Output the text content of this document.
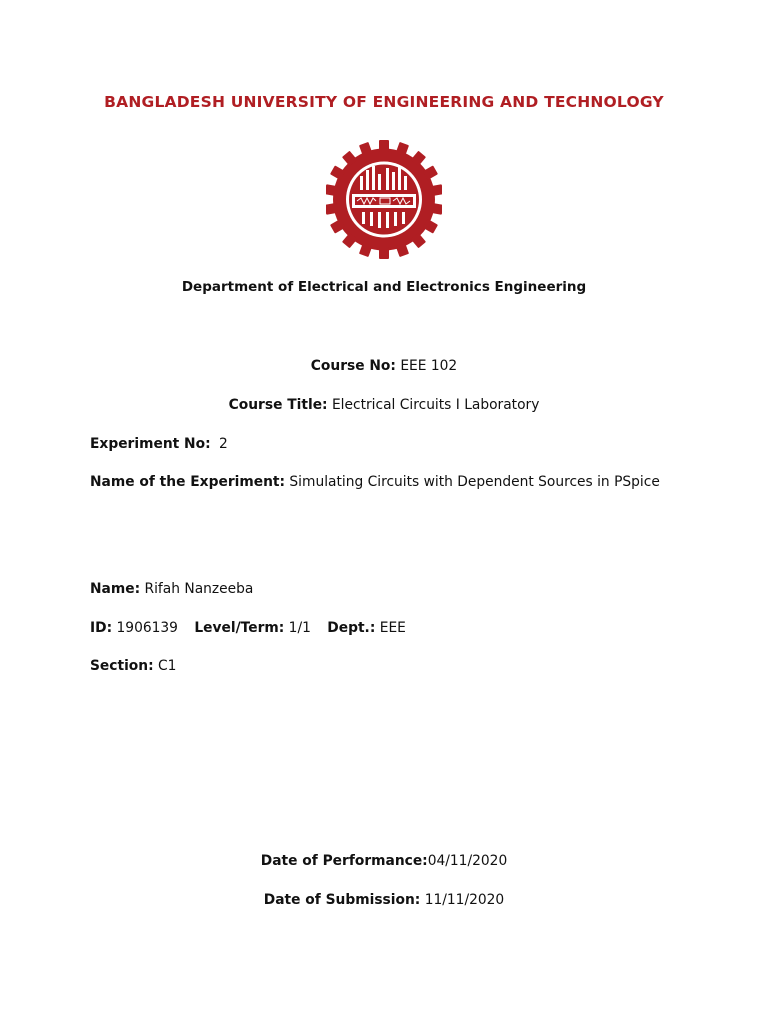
BANGLADESH UNIVERSITY OF ENGINEERING AND TECHNOLOGY
Department of Electrical and Electronics Engineering
Course No: EEE 102
Course Title: Electrical Circuits I Laboratory
Experiment No: 2
Name of the Experiment: Simulating Circuits with Dependent Sources in PSpice
Name: Rifah Nanzeeba
ID: 1906139 Level/Term: 1/1 Dept.: EEE
Section: C1
Date of Performance:04/11/2020
Date of Submission: 11/11/2020
